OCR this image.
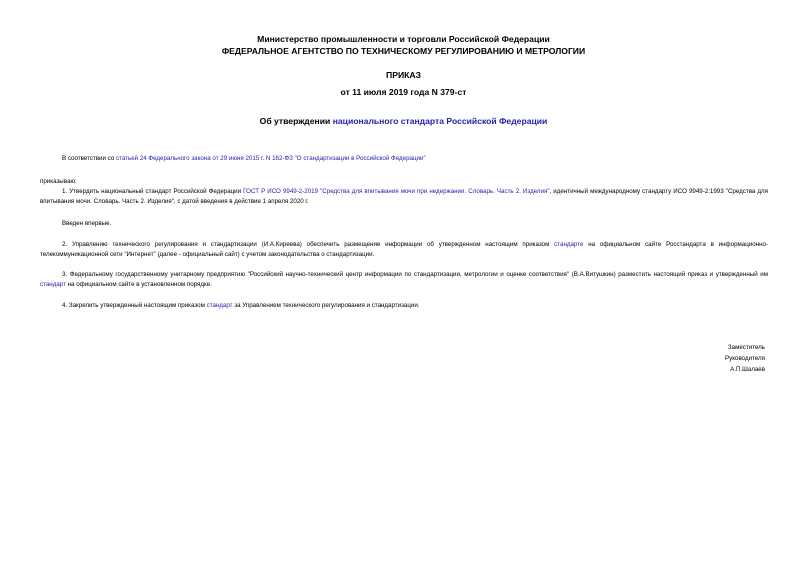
Министерство промышленности и торговли Российской Федерации
ФЕДЕРАЛЬНОЕ АГЕНТСТВО ПО ТЕХНИЧЕСКОМУ РЕГУЛИРОВАНИЮ И МЕТРОЛОГИИ
ПРИКАЗ
от 11 июля 2019 года N 379-ст
Об утверждении национального стандарта Российской Федерации
В соответствии со статьей 24 Федерального закона от 29 июня 2015 г. N 162-ФЗ "О стандартизации в Российской Федерации"
приказываю:
1. Утвердить национальный стандарт Российской Федерации ГОСТ Р ИСО 9949-2-2019 "Средства для впитывания мочи при недержании. Словарь. Часть 2. Изделия", идентичный международному стандарту ИСО 9949-2:1993 "Средства для впитывания мочи. Словарь. Часть 2. Изделия", с датой введения в действие 1 апреля 2020 г.
Введен впервые.
2. Управлению технического регулирования и стандартизации (И.А.Киреева) обеспечить размещение информации об утвержденном настоящим приказом стандарте на официальном сайте Росстандарта в информационно-телекоммуникационной сети "Интернет" (далее - официальный сайт) с учетом законодательства о стандартизации.
3. Федеральному государственному унитарному предприятию "Российский научно-технический центр информации по стандартизации, метрологии и оценке соответствия" (В.А.Витушкин) разместить настоящий приказ и утвержденный им стандарт на официальном сайте в установленном порядке.
4. Закрепить утвержденный настоящим приказом стандарт за Управлением технического регулирования и стандартизации.
Заместитель
Руководителя
А.П.Шалаев
